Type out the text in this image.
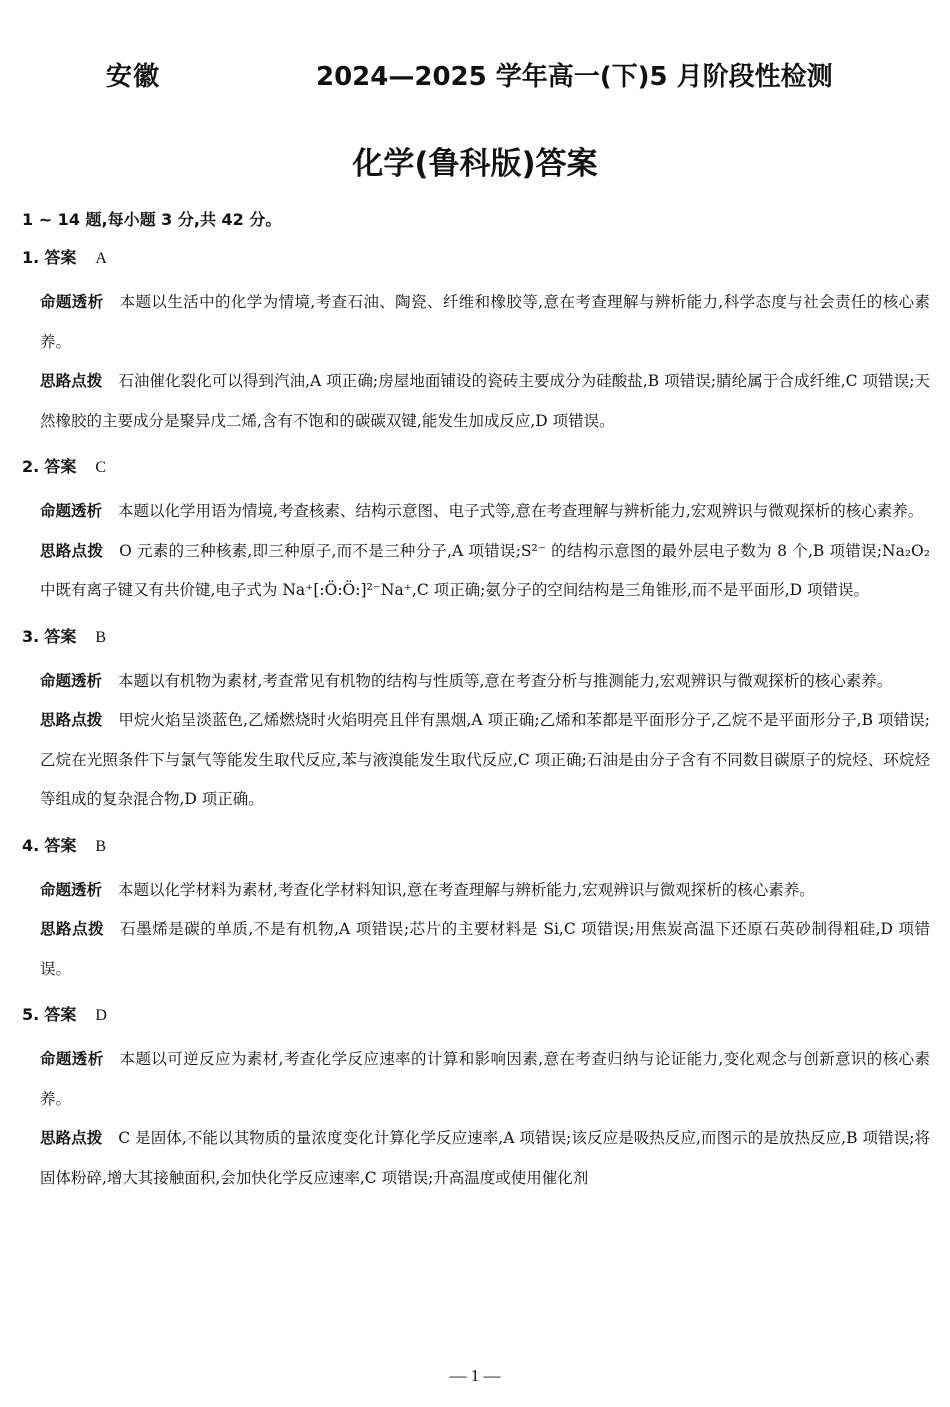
安徽	2024—2025 学年高一(下)5 月阶段性检测
化学(鲁科版)答案
1 ~ 14 题,每小题 3 分,共 42 分。
1. 答案 A

命题透析 本题以生活中的化学为情境,考查石油、陶瓷、纤维和橡胶等,意在考查理解与辨析能力,科学态度与社会责任的核心素养。

思路点拨 石油催化裂化可以得到汽油,A 项正确;房屋地面铺设的瓷砖主要成分为硅酸盐,B 项错误;腈纶属于合成纤维,C 项错误;天然橡胶的主要成分是聚异戊二烯,含有不饱和的碳碳双键,能发生加成反应,D 项错误。

2. 答案 C

命题透析 本题以化学用语为情境,考查核素、结构示意图、电子式等,意在考查理解与辨析能力,宏观辨识与微观探析的核心素养。

思路点拨 O 元素的三种核素,即三种原子,而不是三种分子,A 项错误;S²⁻ 的结构示意图的最外层电子数为 8 个,B 项错误;Na₂O₂ 中既有离子键又有共价键,电子式为 Na⁺[:Ö:Ö:]²⁻Na⁺,C 项正确;氨分子的空间结构是三角锥形,而不是平面形,D 项错误。

3. 答案 B

命题透析 本题以有机物为素材,考查常见有机物的结构与性质等,意在考查分析与推测能力,宏观辨识与微观探析的核心素养。

思路点拨 甲烷火焰呈淡蓝色,乙烯燃烧时火焰明亮且伴有黑烟,A 项正确;乙烯和苯都是平面形分子,乙烷不是平面形分子,B 项错误;乙烷在光照条件下与氯气等能发生取代反应,苯与液溴能发生取代反应,C 项正确;石油是由分子含有不同数目碳原子的烷烃、环烷烃等组成的复杂混合物,D 项正确。

4. 答案 B

命题透析 本题以化学材料为素材,考查化学材料知识,意在考查理解与辨析能力,宏观辨识与微观探析的核心素养。

思路点拨 石墨烯是碳的单质,不是有机物,A 项错误;芯片的主要材料是 Si,C 项错误;用焦炭高温下还原石英砂制得粗硅,D 项错误。

5. 答案 D

命题透析 本题以可逆反应为素材,考查化学反应速率的计算和影响因素,意在考查归纳与论证能力,变化观念与创新意识的核心素养。

思路点拨 C 是固体,不能以其物质的量浓度变化计算化学反应速率,A 项错误;该反应是吸热反应,而图示的是放热反应,B 项错误;将固体粉碎,增大其接触面积,会加快化学反应速率,C 项错误;升高温度或使用催化剂

— 1 —
